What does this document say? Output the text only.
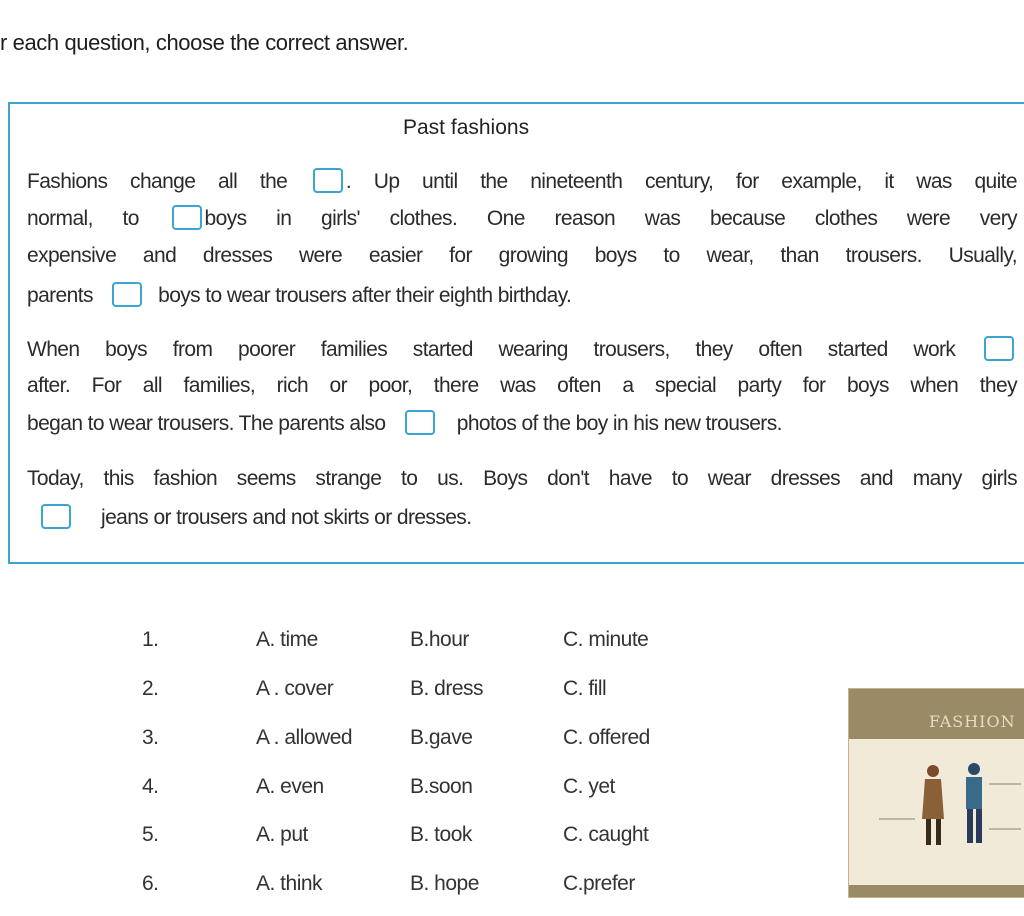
r each question, choose the correct answer.

Past fashions

Fashions change all the	. Up until the nineteenth century, for example, it was quite

normal, to	boys in girls' clothes. One reason was because clothes were very

expensive and dresses were easier for growing boys to wear, than trousers. Usually,

parents	boys to wear trousers after their eighth birthday.

When boys from poorer families started wearing trousers, they often started work

after. For all families, rich or poor, there was often a special party for boys when they

began to wear trousers. The parents also	photos of the boy in his new trousers.

Today, this fashion seems strange to us. Boys don't have to wear dresses and many girls

jeans or trousers and not skirts or dresses.

1.	A. time	B.hour	C. minute
2.	A . cover	B. dress	C. fill
3.	A . allowed	B.gave	C. offered
4.	A. even	B.soon	C. yet
5.	A. put	B. took	C. caught
6.	A. think	B. hope	C.prefer
FASHION
